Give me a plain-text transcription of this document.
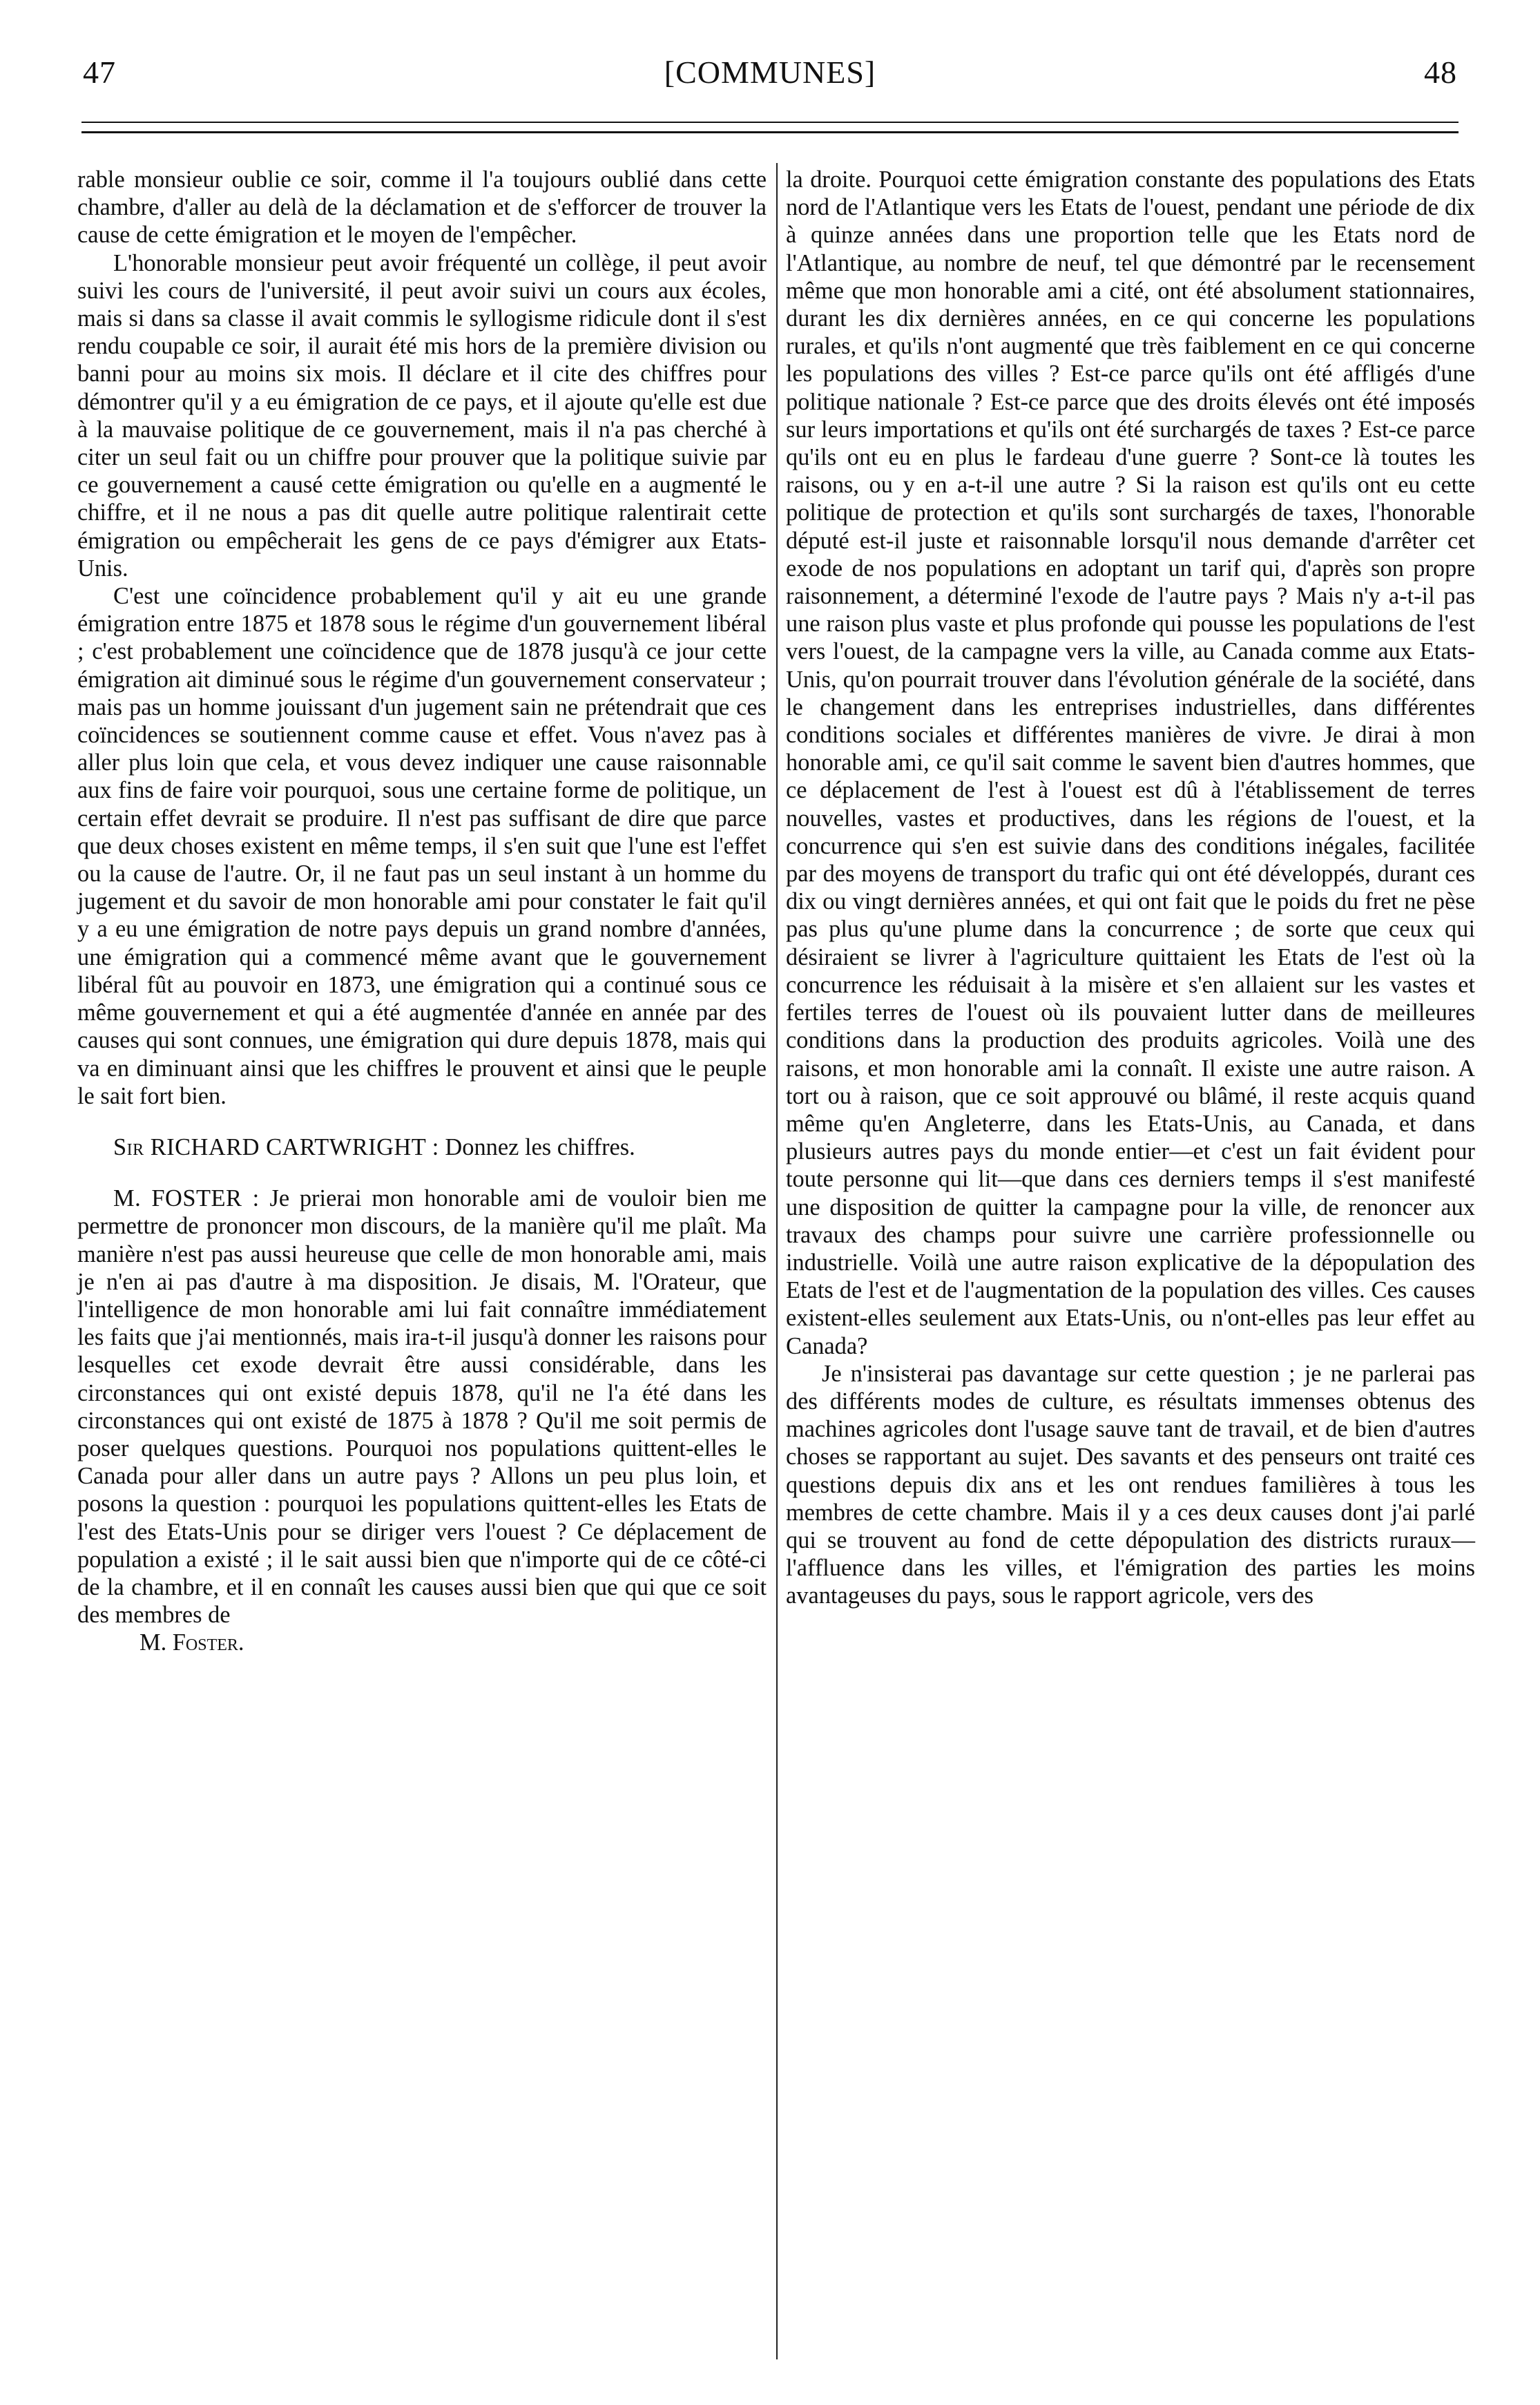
47	[COMMUNES]	48

rable monsieur oublie ce soir, comme il l'a toujours oublié dans cette chambre, d'aller au delà de la déclamation et de s'efforcer de trouver la cause de cette émigration et le moyen de l'empêcher.

L'honorable monsieur peut avoir fréquenté un collège, il peut avoir suivi les cours de l'université, il peut avoir suivi un cours aux écoles, mais si dans sa classe il avait commis le syllogisme ridicule dont il s'est rendu coupable ce soir, il aurait été mis hors de la première division ou banni pour au moins six mois. Il déclare et il cite des chiffres pour démontrer qu'il y a eu émigration de ce pays, et il ajoute qu'elle est due à la mauvaise politique de ce gouvernement, mais il n'a pas cherché à citer un seul fait ou un chiffre pour prouver que la politique suivie par ce gouvernement a causé cette émigration ou qu'elle en a augmenté le chiffre, et il ne nous a pas dit quelle autre politique ralentirait cette émigration ou empêcherait les gens de ce pays d'émigrer aux Etats-Unis.

C'est une coïncidence probablement qu'il y ait eu une grande émigration entre 1875 et 1878 sous le régime d'un gouvernement libéral ; c'est probablement une coïncidence que de 1878 jusqu'à ce jour cette émigration ait diminué sous le régime d'un gouvernement conservateur ; mais pas un homme jouissant d'un jugement sain ne prétendrait que ces coïncidences se soutiennent comme cause et effet. Vous n'avez pas à aller plus loin que cela, et vous devez indiquer une cause raisonnable aux fins de faire voir pourquoi, sous une certaine forme de politique, un certain effet devrait se produire. Il n'est pas suffisant de dire que parce que deux choses existent en même temps, il s'en suit que l'une est l'effet ou la cause de l'autre. Or, il ne faut pas un seul instant à un homme du jugement et du savoir de mon honorable ami pour constater le fait qu'il y a eu une émigration de notre pays depuis un grand nombre d'années, une émigration qui a commencé même avant que le gouvernement libéral fût au pouvoir en 1873, une émigration qui a continué sous ce même gouvernement et qui a été augmentée d'année en année par des causes qui sont connues, une émigration qui dure depuis 1878, mais qui va en diminuant ainsi que les chiffres le prouvent et ainsi que le peuple le sait fort bien.

Sir RICHARD CARTWRIGHT : Donnez les chiffres.

M. FOSTER : Je prierai mon honorable ami de vouloir bien me permettre de prononcer mon discours, de la manière qu'il me plaît. Ma manière n'est pas aussi heureuse que celle de mon honorable ami, mais je n'en ai pas d'autre à ma disposition. Je disais, M. l'Orateur, que l'intelligence de mon honorable ami lui fait connaître immédiatement les faits que j'ai mentionnés, mais ira-t-il jusqu'à donner les raisons pour lesquelles cet exode devrait être aussi considérable, dans les circonstances qui ont existé depuis 1878, qu'il ne l'a été dans les circonstances qui ont existé de 1875 à 1878 ? Qu'il me soit permis de poser quelques questions. Pourquoi nos populations quittent-elles le Canada pour aller dans un autre pays ? Allons un peu plus loin, et posons la question : pourquoi les populations quittent-elles les Etats de l'est des Etats-Unis pour se diriger vers l'ouest ? Ce déplacement de population a existé ; il le sait aussi bien que n'importe qui de ce côté-ci de la chambre, et il en connaît les causes aussi bien que qui que ce soit des membres de

M. Foster.

la droite. Pourquoi cette émigration constante des populations des Etats nord de l'Atlantique vers les Etats de l'ouest, pendant une période de dix à quinze années dans une proportion telle que les Etats nord de l'Atlantique, au nombre de neuf, tel que démontré par le recensement même que mon honorable ami a cité, ont été absolument stationnaires, durant les dix dernières années, en ce qui concerne les populations rurales, et qu'ils n'ont augmenté que très faiblement en ce qui concerne les populations des villes ? Est-ce parce qu'ils ont été affligés d'une politique nationale ? Est-ce parce que des droits élevés ont été imposés sur leurs importations et qu'ils ont été surchargés de taxes ? Est-ce parce qu'ils ont eu en plus le fardeau d'une guerre ? Sont-ce là toutes les raisons, ou y en a-t-il une autre ? Si la raison est qu'ils ont eu cette politique de protection et qu'ils sont surchargés de taxes, l'honorable député est-il juste et raisonnable lorsqu'il nous demande d'arrêter cet exode de nos populations en adoptant un tarif qui, d'après son propre raisonnement, a déterminé l'exode de l'autre pays ? Mais n'y a-t-il pas une raison plus vaste et plus profonde qui pousse les populations de l'est vers l'ouest, de la campagne vers la ville, au Canada comme aux Etats-Unis, qu'on pourrait trouver dans l'évolution générale de la société, dans le changement dans les entreprises industrielles, dans différentes conditions sociales et différentes manières de vivre. Je dirai à mon honorable ami, ce qu'il sait comme le savent bien d'autres hommes, que ce déplacement de l'est à l'ouest est dû à l'établissement de terres nouvelles, vastes et productives, dans les régions de l'ouest, et la concurrence qui s'en est suivie dans des conditions inégales, facilitée par des moyens de transport du trafic qui ont été développés, durant ces dix ou vingt dernières années, et qui ont fait que le poids du fret ne pèse pas plus qu'une plume dans la concurrence ; de sorte que ceux qui désiraient se livrer à l'agriculture quittaient les Etats de l'est où la concurrence les réduisait à la misère et s'en allaient sur les vastes et fertiles terres de l'ouest où ils pouvaient lutter dans de meilleures conditions dans la production des produits agricoles. Voilà une des raisons, et mon honorable ami la connaît. Il existe une autre raison. A tort ou à raison, que ce soit approuvé ou blâmé, il reste acquis quand même qu'en Angleterre, dans les Etats-Unis, au Canada, et dans plusieurs autres pays du monde entier—et c'est un fait évident pour toute personne qui lit—que dans ces derniers temps il s'est manifesté une disposition de quitter la campagne pour la ville, de renoncer aux travaux des champs pour suivre une carrière professionnelle ou industrielle. Voilà une autre raison explicative de la dépopulation des Etats de l'est et de l'augmentation de la population des villes. Ces causes existent-elles seulement aux Etats-Unis, ou n'ont-elles pas leur effet au Canada?

Je n'insisterai pas davantage sur cette question ; je ne parlerai pas des différents modes de culture, es résultats immenses obtenus des machines agricoles dont l'usage sauve tant de travail, et de bien d'autres choses se rapportant au sujet. Des savants et des penseurs ont traité ces questions depuis dix ans et les ont rendues familières à tous les membres de cette chambre. Mais il y a ces deux causes dont j'ai parlé qui se trouvent au fond de cette dépopulation des districts ruraux—l'affluence dans les villes, et l'émigration des parties les moins avantageuses du pays, sous le rapport agricole, vers des
